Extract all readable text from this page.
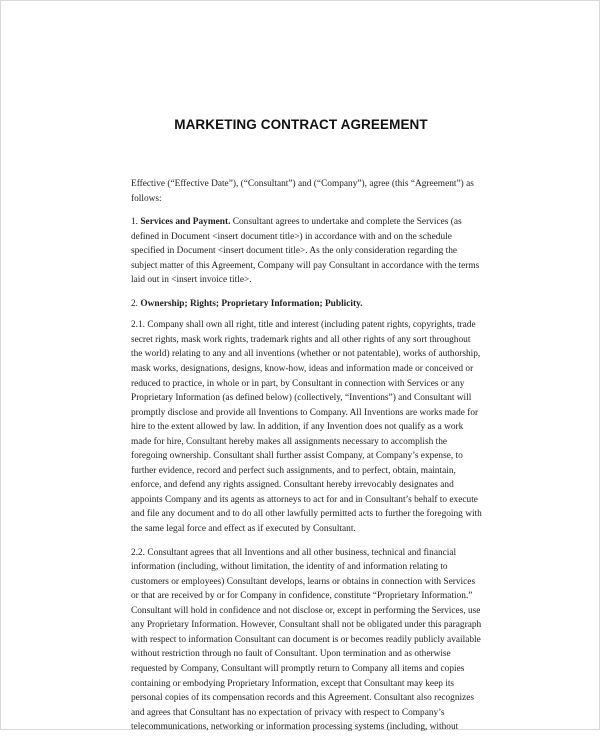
MARKETING CONTRACT AGREEMENT

Effective (“Effective Date”), (“Consultant”) and (“Company”), agree (this “Agreement”) as follows:

1. Services and Payment. Consultant agrees to undertake and complete the Services (as defined in Document <insert document title>) in accordance with and on the schedule specified in Document <insert document title>. As the only consideration regarding the subject matter of this Agreement, Company will pay Consultant in accordance with the terms laid out in <insert invoice title>.

2. Ownership; Rights; Proprietary Information; Publicity.

2.1. Company shall own all right, title and interest (including patent rights, copyrights, trade secret rights, mask work rights, trademark rights and all other rights of any sort throughout the world) relating to any and all inventions (whether or not patentable), works of authorship, mask works, designations, designs, know-how, ideas and information made or conceived or reduced to practice, in whole or in part, by Consultant in connection with Services or any Proprietary Information (as defined below) (collectively, “Inventions”) and Consultant will promptly disclose and provide all Inventions to Company. All Inventions are works made for hire to the extent allowed by law. In addition, if any Invention does not qualify as a work made for hire, Consultant hereby makes all assignments necessary to accomplish the foregoing ownership. Consultant shall further assist Company, at Company’s expense, to further evidence, record and perfect such assignments, and to perfect, obtain, maintain, enforce, and defend any rights assigned. Consultant hereby irrevocably designates and appoints Company and its agents as attorneys to act for and in Consultant’s behalf to execute and file any document and to do all other lawfully permitted acts to further the foregoing with the same legal force and effect as if executed by Consultant.

2.2. Consultant agrees that all Inventions and all other business, technical and financial information (including, without limitation, the identity of and information relating to customers or employees) Consultant develops, learns or obtains in connection with Services or that are received by or for Company in confidence, constitute “Proprietary Information.” Consultant will hold in confidence and not disclose or, except in performing the Services, use any Proprietary Information. However, Consultant shall not be obligated under this paragraph with respect to information Consultant can document is or becomes readily publicly available without restriction through no fault of Consultant. Upon termination and as otherwise requested by Company, Consultant will promptly return to Company all items and copies containing or embodying Proprietary Information, except that Consultant may keep its personal copies of its compensation records and this Agreement. Consultant also recognizes and agrees that Consultant has no expectation of privacy with respect to Company’s telecommunications, networking or information processing systems (including, without
